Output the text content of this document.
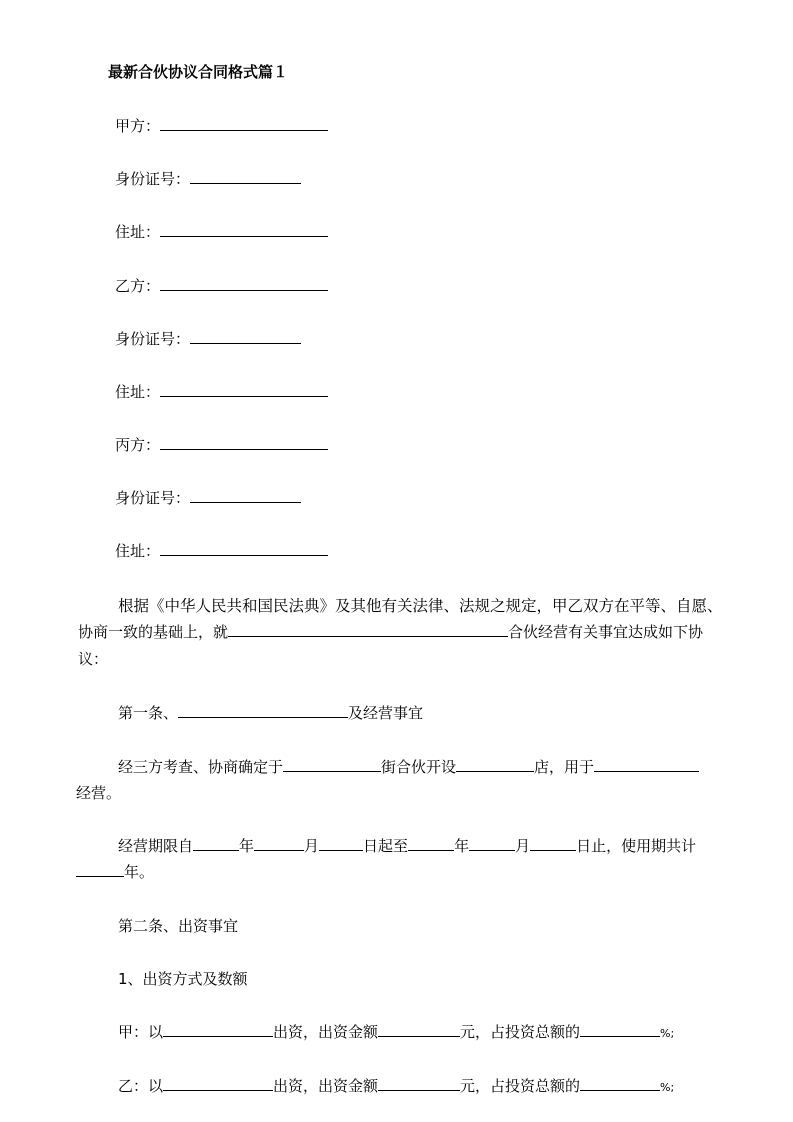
最新合伙协议合同格式篇１
甲方：
身份证号：
住址：
乙方：
身份证号：
住址：
丙方：
身份证号：
住址：
根据《中华人民共和国民法典》及其他有关法律、法规之规定，甲乙双方在平等、自愿、
协商一致的基础上，就	合伙经营有关事宜达成如下协
议：
第一条、	及经营事宜
经三方考查、协商确定于	街合伙开设	店，用于
经营。
经营期限自	年	月	日起至	年	月	日止，使用期共计
年。
第二条、出资事宜
1、出资方式及数额
甲：以	出资，出资金额	元，占投资总额的	%;
乙：以	出资，出资金额	元，占投资总额的	%;
